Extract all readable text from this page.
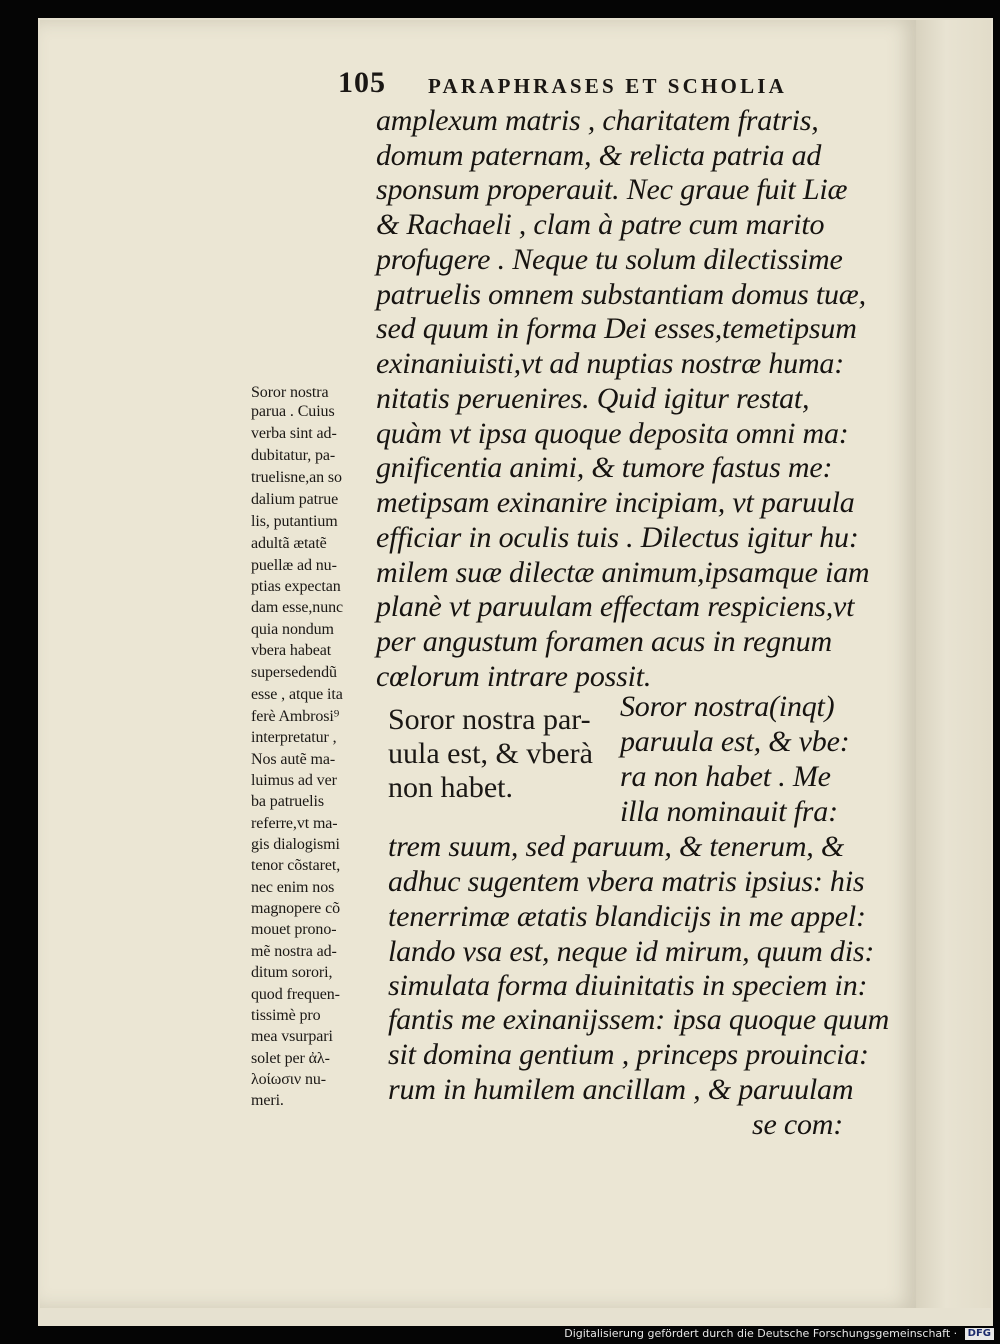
105 PARAPHRASES ET SCHOLIA
amplexum matris , charitatem fratris,
domum paternam, & relicta patria ad
sponsum properauit. Nec graue fuit Liæ
& Rachaeli , clam à patre cum marito
profugere . Neque tu solum dilectissime
patruelis omnem substantiam domus tuæ,
sed quum in forma Dei esses,temetipsum
exinaniuisti,vt ad nuptias nostræ huma:
nitatis peruenires. Quid igitur restat,
quàm vt ipsa quoque deposita omni ma:
gnificentia animi, & tumore fastus me:
metipsam exinanire incipiam, vt paruula
efficiar in oculis tuis . Dilectus igitur hu:
milem suæ dilectæ animum,ipsamque iam
planè vt paruulam effectam respiciens,vt
per angustum foramen acus in regnum
cœlorum intrare possit.
Soror nostra par-
uula est, & vberà
non habet.
Soror nostra(inqt)
paruula est, & vbe:
ra non habet . Me
illa nominauit fra:
trem suum, sed paruum, & tenerum, &
adhuc sugentem vbera matris ipsius: his
tenerrimæ ætatis blandicijs in me appel:
lando vsa est, neque id mirum, quum dis:
simulata forma diuinitatis in speciem in:
fantis me exinanijssem: ipsa quoque quum
sit domina gentium , princeps prouincia:
rum in humilem ancillam , & paruulam
se com:
Soror nostra
parua . Cuius
verba sint ad-
dubitatur, pa-
truelisne,an so
dalium patrue
lis, putantium
adultã ætatẽ
puellæ ad nu-
ptias expectan
dam esse,nunc
quia nondum
vbera habeat
supersedendũ
esse , atque ita
ferè Ambrosi⁹
interpretatur ,
Nos autẽ ma-
luimus ad ver
ba patruelis
referre,vt ma-
gis dialogismi
tenor cõstaret,
nec enim nos
magnopere cõ
mouet prono-
mẽ nostra ad-
ditum sorori,
quod frequen-
tissimè pro
mea vsurpari
solet per ἀλ-
λοίωσιν nu-
meri.
Digitalisierung gefördert durch die Deutsche Forschungsgemeinschaft · DFG
